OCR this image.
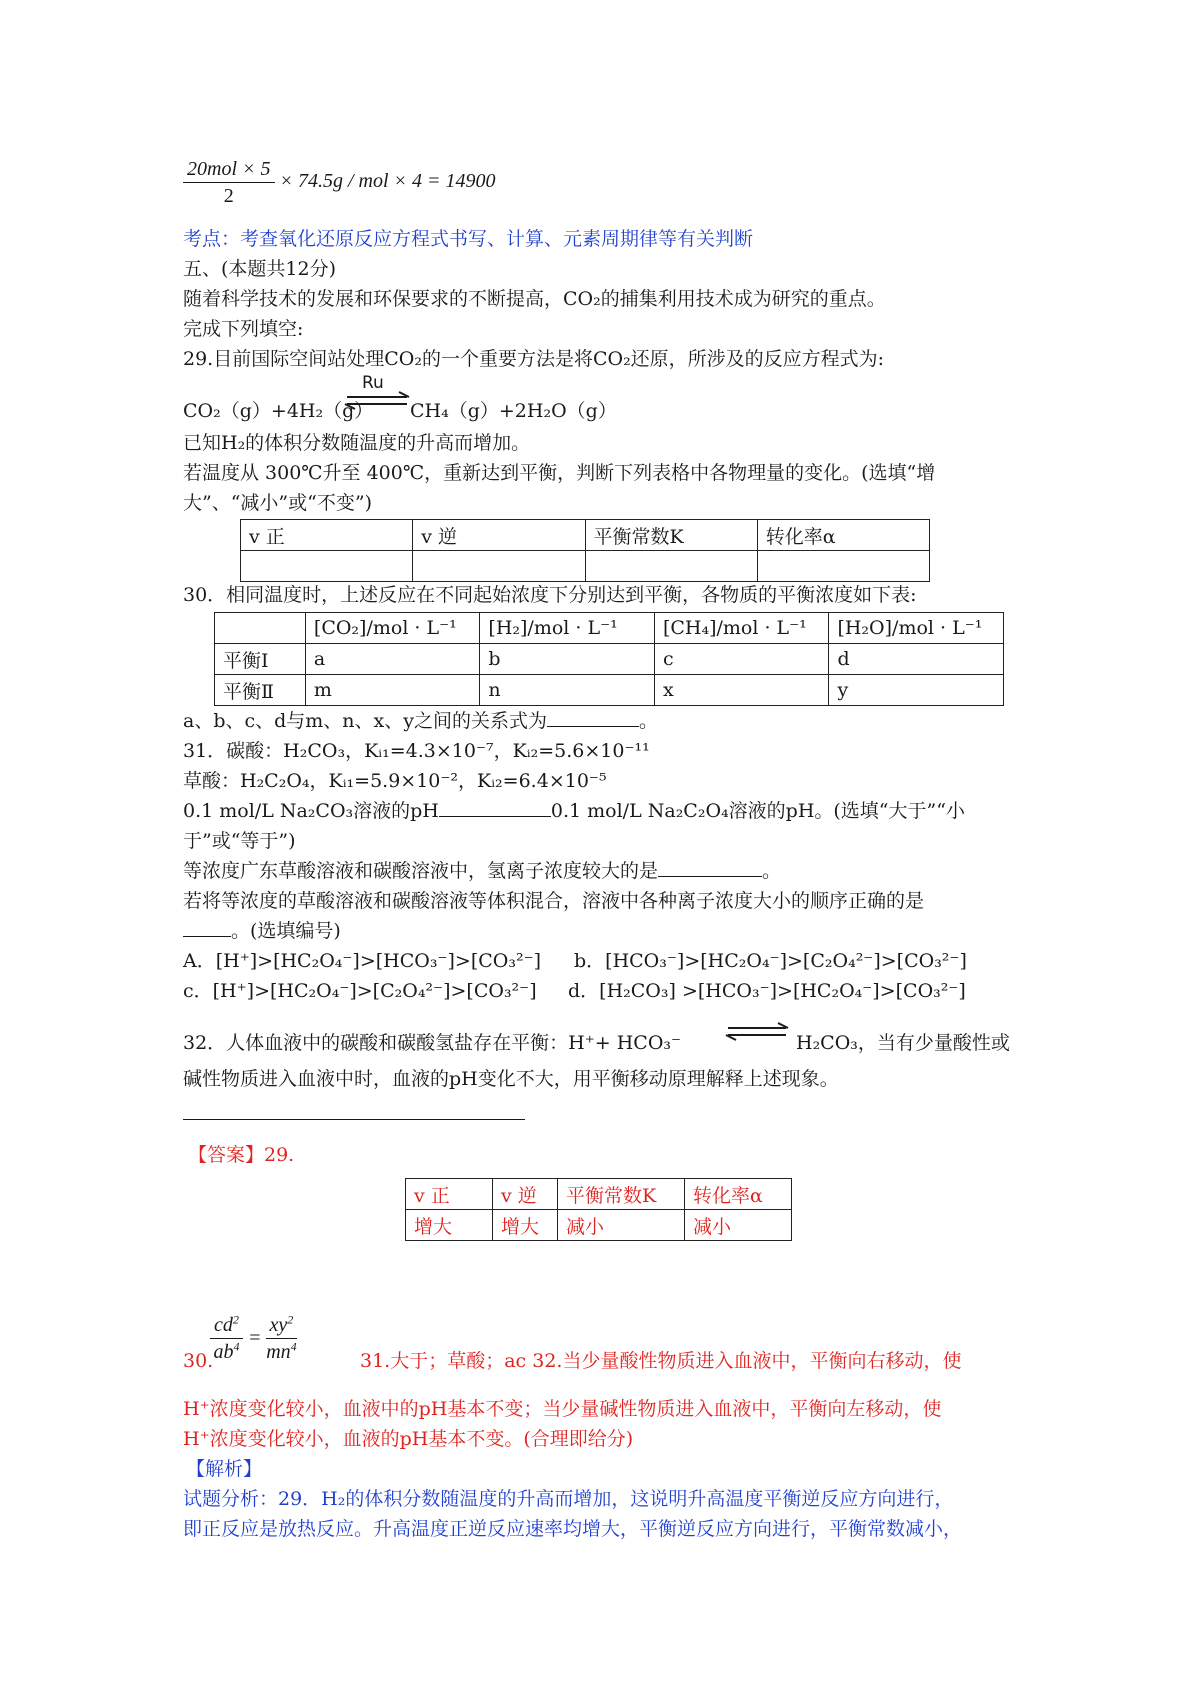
$\frac{\text{20mol × 5}}{2} \times 74.5g$ / mol × 4 = 14900
考点：考查氧化还原反应方程式书写、计算、元素周期律等有关判断
五、(本题共12分)
随着科学技术的发展和环保要求的不断提高，CO₂的捕集利用技术成为研究的重点。
完成下列填空:
29.目前国际空间站处理CO₂的一个重要方法是将CO₂还原，所涉及的反应方程式为:
Ru
CO₂（g）+4H₂（g） CH₄（g）+2H₂O（g）
已知H₂的体积分数随温度的升高而增加。
若温度从 300℃升至 400℃，重新达到平衡，判断下列表格中各物理量的变化。(选填“增
大”、“减小”或“不变”)
v 正	v 逆	平衡常数K	转化率α

30．相同温度时，上述反应在不同起始浓度下分别达到平衡，各物质的平衡浓度如下表:
	[CO₂]/mol · L⁻¹	[H₂]/mol · L⁻¹	[CH₄]/mol · L⁻¹	[H₂O]/mol · L⁻¹
平衡Ⅰ	a	b	c	d
平衡Ⅱ	m	n	x	y
a、b、c、d与m、n、x、y之间的关系式为	。
31．碳酸：H₂CO₃，Kᵢ₁=4.3×10⁻⁷，Kᵢ₂=5.6×10⁻¹¹
草酸：H₂C₂O₄，Kᵢ₁=5.9×10⁻²，Kᵢ₂=6.4×10⁻⁵
0.1 mol/L Na₂CO₃溶液的pH	0.1 mol/L Na₂C₂O₄溶液的pH。(选填“大于”“小
于”或“等于”)
等浓度广东草酸溶液和碳酸溶液中，氢离子浓度较大的是	。
若将等浓度的草酸溶液和碳酸溶液等体积混合，溶液中各种离子浓度大小的顺序正确的是
。(选填编号)
A．[H⁺]>[HC₂O₄⁻]>[HCO₃⁻]>[CO₃²⁻] b．[HCO₃⁻]>[HC₂O₄⁻]>[C₂O₄²⁻]>[CO₃²⁻]
c．[H⁺]>[HC₂O₄⁻]>[C₂O₄²⁻]>[CO₃²⁻] d．[H₂CO₃] >[HCO₃⁻]>[HC₂O₄⁻]>[CO₃²⁻]
32．人体血液中的碳酸和碳酸氢盐存在平衡：H⁺+ HCO₃⁻ ⇌ H₂CO₃，当有少量酸性或
碱性物质进入血液中时，血液的pH变化不大，用平衡移动原理解释上述现象。
【答案】29.
v 正	v 逆	平衡常数K	转化率α
增大	增大	减小	减小
$\frac{cd^2}{ab^4} = \frac{xy^2}{mn^4}$
30.	31.大于；草酸；ac 32.当少量酸性物质进入血液中，平衡向右移动，使
H⁺浓度变化较小，血液中的pH基本不变；当少量碱性物质进入血液中，平衡向左移动，使
H⁺浓度变化较小，血液的pH基本不变。(合理即给分)
【解析】
试题分析：29．H₂的体积分数随温度的升高而增加，这说明升高温度平衡逆反应方向进行，
即正反应是放热反应。升高温度正逆反应速率均增大，平衡逆反应方向进行，平衡常数减小，
